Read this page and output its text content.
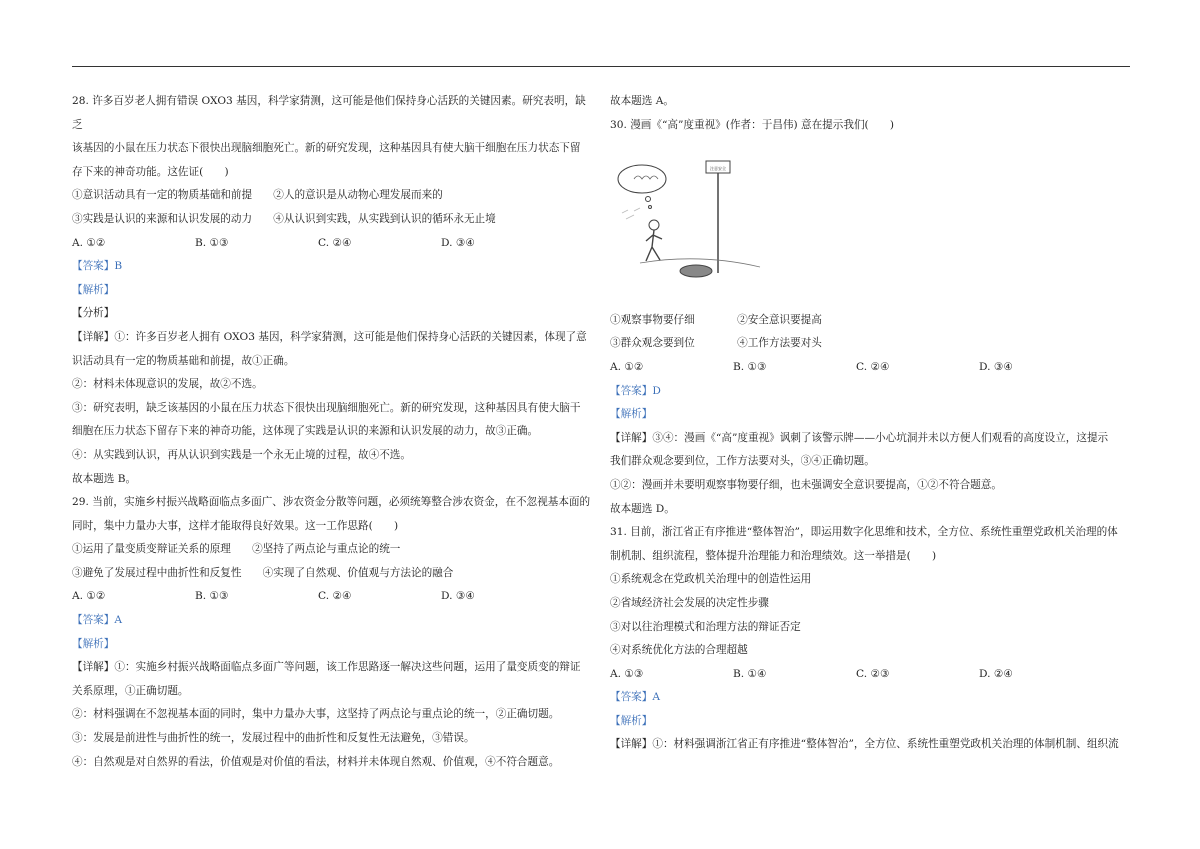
28. 许多百岁老人拥有错误 OXO3 基因，科学家猜测，这可能是他们保持身心活跃的关键因素。研究表明，缺乏

该基因的小鼠在压力状态下很快出现脑细胞死亡。新的研究发现，这种基因具有使大脑干细胞在压力状态下留

存下来的神奇功能。这佐证(　　)

①意识活动具有一定的物质基础和前提　　②人的意识是从动物心理发展而来的

③实践是认识的来源和认识发展的动力　　④从认识到实践，从实践到认识的循环永无止境

A. ①②	B. ①③	C. ②④	D. ③④

【答案】B

【解析】

【分析】

【详解】①：许多百岁老人拥有 OXO3 基因，科学家猜测，这可能是他们保持身心活跃的关键因素，体现了意

识活动具有一定的物质基础和前提，故①正确。

②：材料未体现意识的发展，故②不选。

③：研究表明，缺乏该基因的小鼠在压力状态下很快出现脑细胞死亡。新的研究发现，这种基因具有使大脑干

细胞在压力状态下留存下来的神奇功能，这体现了实践是认识的来源和认识发展的动力，故③正确。

④：从实践到认识，再从认识到实践是一个永无止境的过程，故④不选。

故本题选 B。

29. 当前，实施乡村振兴战略面临点多面广、涉农资金分散等问题，必须统筹整合涉农资金，在不忽视基本面的

同时，集中力量办大事，这样才能取得良好效果。这一工作思路(　　)

①运用了量变质变辩证关系的原理　　②坚持了两点论与重点论的统一

③避免了发展过程中曲折性和反复性　　④实现了自然观、价值观与方法论的融合

A. ①②	B. ①③	C. ②④	D. ③④

【答案】A

【解析】

【详解】①：实施乡村振兴战略面临点多面广等问题，该工作思路逐一解决这些问题，运用了量变质变的辩证

关系原理，①正确切题。

②：材料强调在不忽视基本面的同时，集中力量办大事，这坚持了两点论与重点论的统一，②正确切题。

③：发展是前进性与曲折性的统一，发展过程中的曲折性和反复性无法避免，③错误。

④：自然观是对自然界的看法，价值观是对价值的看法，材料并未体现自然观、价值观，④不符合题意。

故本题选 A。

30. 漫画《“高”度重视》(作者：于昌伟) 意在提示我们(　　)

注意安全

①观察事物要仔细　　　　②安全意识要提高

③群众观念要到位　　　　④工作方法要对头

A. ①②	B. ①③	C. ②④	D. ③④

【答案】D

【解析】

【详解】③④：漫画《“高”度重视》讽刺了该警示牌——小心坑洞并未以方便人们观看的高度设立，这提示

我们群众观念要到位，工作方法要对头，③④正确切题。

①②：漫画并未要明观察事物要仔细，也未强调安全意识要提高，①②不符合题意。

故本题选 D。

31. 目前，浙江省正有序推进“整体智治”，即运用数字化思维和技术，全方位、系统性重塑党政机关治理的体

制机制、组织流程，整体提升治理能力和治理绩效。这一举措是(　　)

①系统观念在党政机关治理中的创造性运用

②省域经济社会发展的决定性步骤

③对以往治理模式和治理方法的辩证否定

④对系统优化方法的合理超越

A. ①③	B. ①④	C. ②③	D. ②④

【答案】A

【解析】

【详解】①：材料强调浙江省正有序推进“整体智治”，全方位、系统性重塑党政机关治理的体制机制、组织流
